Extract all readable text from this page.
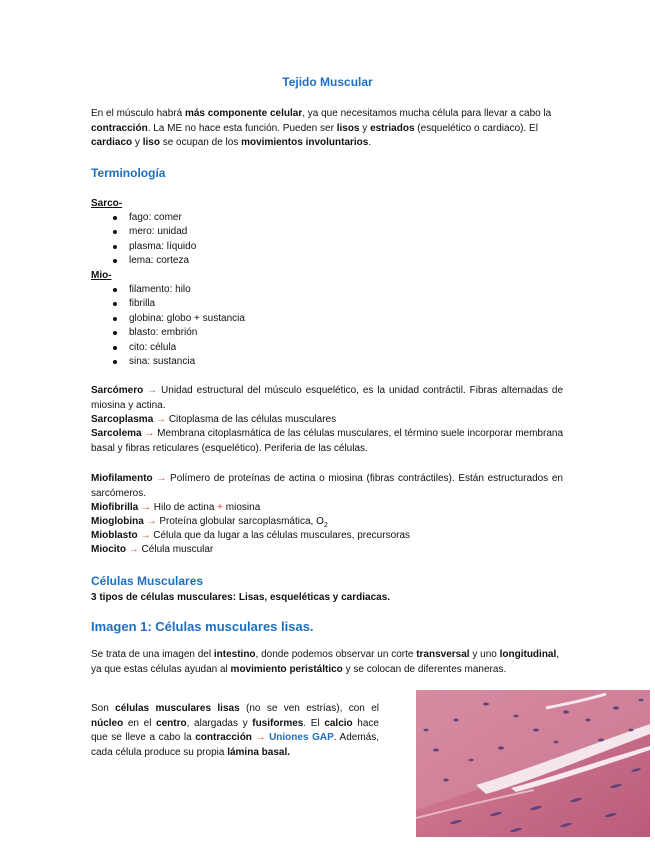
Tejido Muscular

En el músculo habrá más componente celular, ya que necesitamos mucha célula para llevar a cabo la contracción. La ME no hace esta función. Pueden ser lisos y estriados (esquelético o cardiaco). El cardiaco y liso se ocupan de los movimientos involuntarios.

Terminología
Sarco-
fago: comer
mero: unidad
plasma: líquido
lema: corteza
Mio-
filamento: hilo
fibrilla
globina: globo + sustancia
blasto: embrión
cito: célula
sina: sustancia

Sarcómero → Unidad estructural del músculo esquelético, es la unidad contráctil. Fibras alternadas de miosina y actina.

Sarcoplasma → Citoplasma de las células musculares

Sarcolema → Membrana citoplasmática de las células musculares, el término suele incorporar membrana basal y fibras reticulares (esquelético). Periferia de las células.

Miofilamento → Polímero de proteínas de actina o miosina (fibras contráctiles). Están estructurados en sarcómeros.

Miofibrilla → Hilo de actina + miosina

Mioglobina → Proteína globular sarcoplasmática, $O_2$

Mioblasto → Célula que da lugar a las células musculares, precursoras

Miocito → Célula muscular

Células Musculares

3 tipos de células musculares: Lisas, esqueléticas y cardiacas.

Imagen 1: Células musculares lisas.

Se trata de una imagen del intestino, donde podemos observar un corte transversal y uno longitudinal, ya que estas células ayudan al movimiento peristáltico y se colocan de diferentes maneras.

Son células musculares lisas (no se ven estrías), con el núcleo en el centro, alargadas y fusiformes. El calcio hace que se lleve a cabo la contracción → Uniones GAP. Además, cada célula produce su propia lámina basal.
